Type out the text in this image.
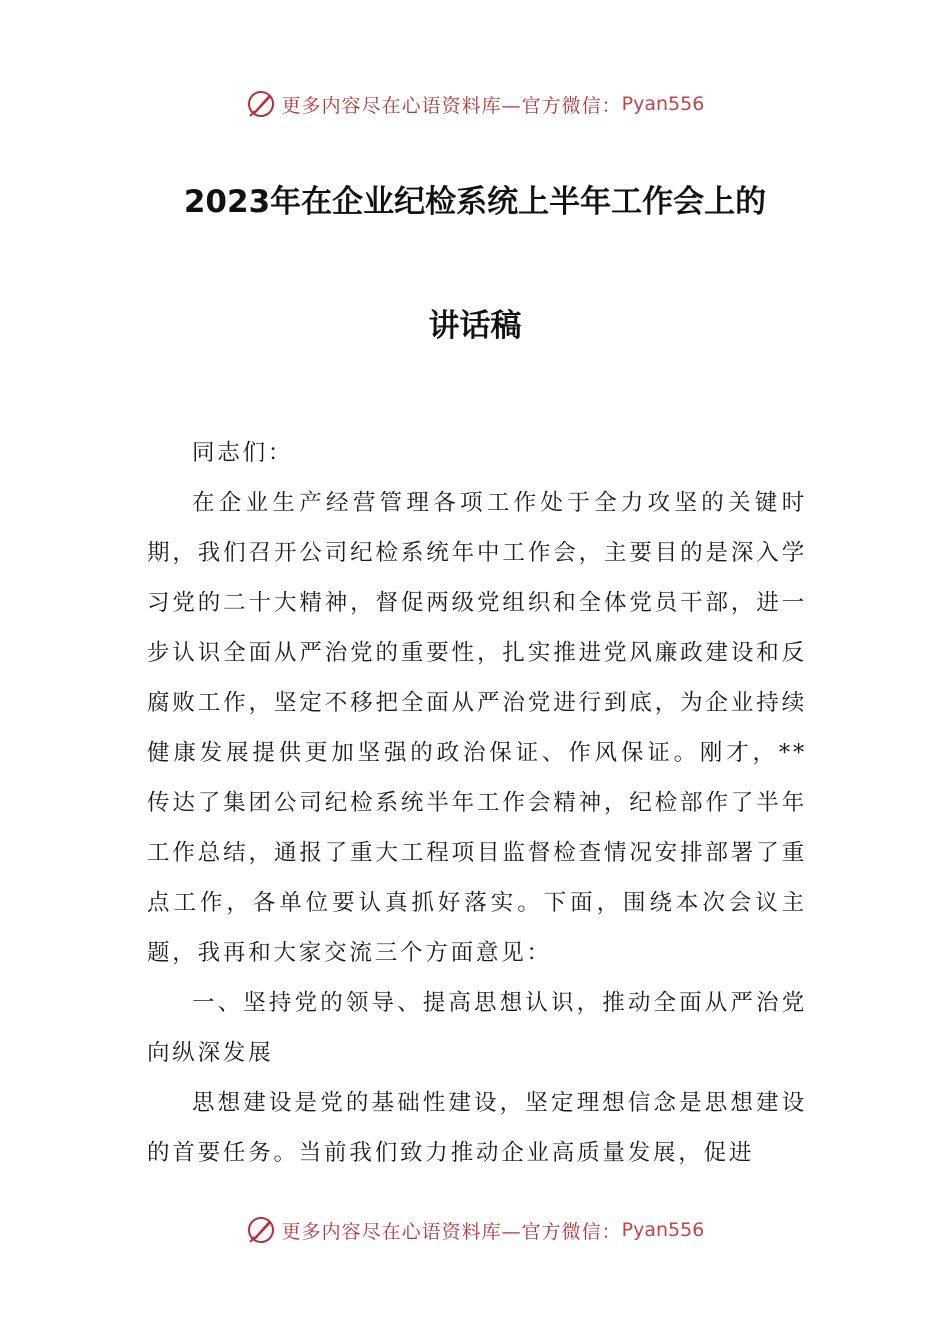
更多内容尽在心语资料库—官方微信： Pyan556
2023年在企业纪检系统上半年工作会上的
讲话稿

同志们：

在企业生产经营管理各项工作处于全力攻坚的关键时期，我们召开公司纪检系统年中工作会，主要目的是深入学习党的二十大精神，督促两级党组织和全体党员干部，进一步认识全面从严治党的重要性，扎实推进党风廉政建设和反腐败工作，坚定不移把全面从严治党进行到底，为企业持续健康发展提供更加坚强的政治保证、作风保证。刚才，**传达了集团公司纪检系统半年工作会精神，纪检部作了半年工作总结，通报了重大工程项目监督检查情况安排部署了重点工作，各单位要认真抓好落实。下面，围绕本次会议主题，我再和大家交流三个方面意见：

一、坚持党的领导、提高思想认识，推动全面从严治党向纵深发展

思想建设是党的基础性建设，坚定理想信念是思想建设的首要任务。当前我们致力推动企业高质量发展，促进

更多内容尽在心语资料库—官方微信： Pyan556
